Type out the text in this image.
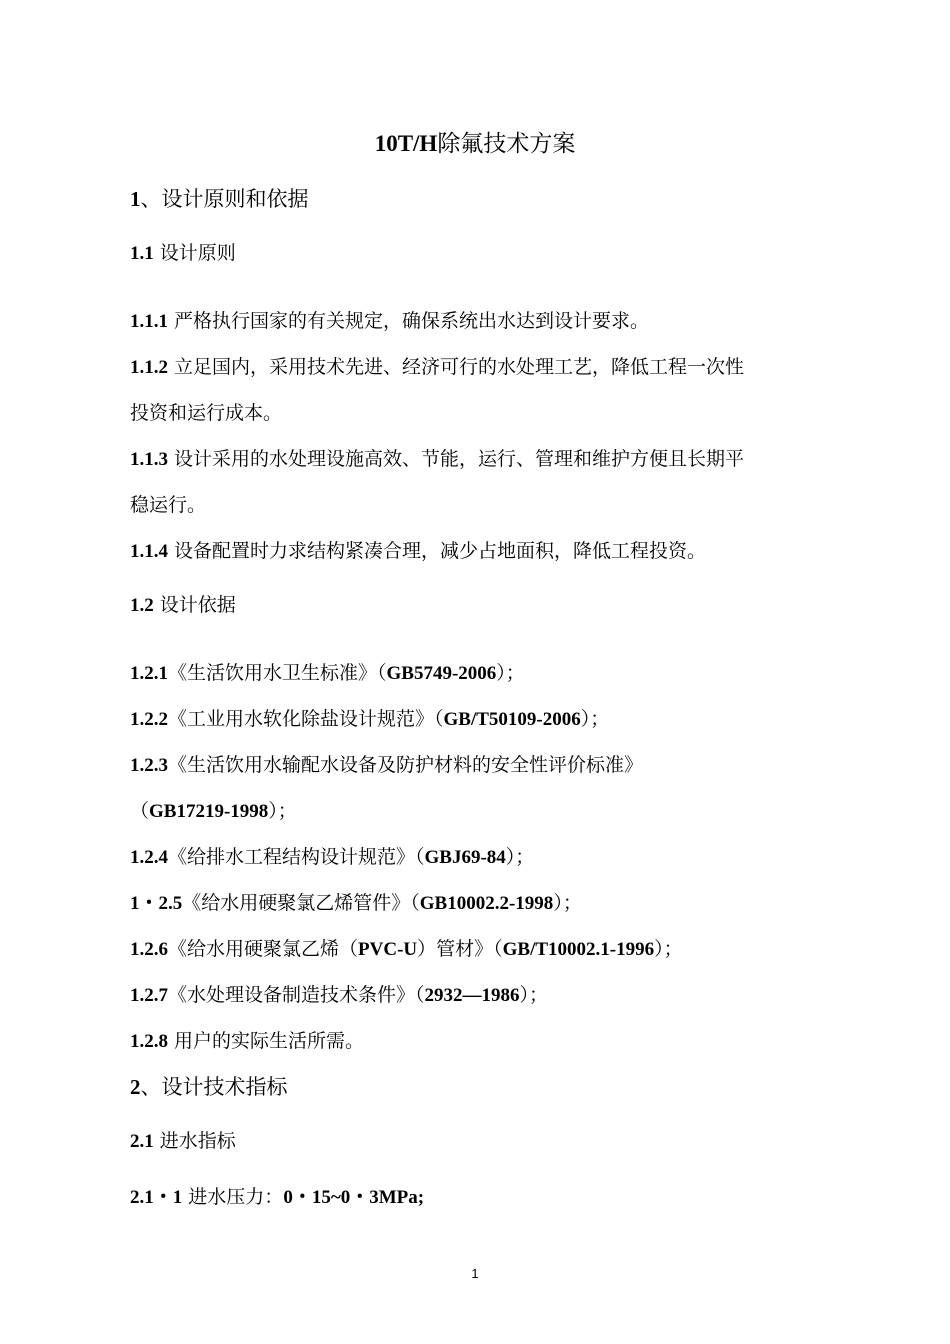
10T/H除氟技术方案
1、设计原则和依据
1.1 设计原则
1.1.1 严格执行国家的有关规定，确保系统出水达到设计要求。
1.1.2 立足国内，采用技术先进、经济可行的水处理工艺，降低工程一次性
投资和运行成本。
1.1.3 设计采用的水处理设施高效、节能，运行、管理和维护方便且长期平
稳运行。
1.1.4 设备配置时力求结构紧凑合理，减少占地面积，降低工程投资。
1.2 设计依据
1.2.1《生活饮用水卫生标准》（GB5749-2006）；
1.2.2《工业用水软化除盐设计规范》（GB/T50109-2006）；
1.2.3《生活饮用水输配水设备及防护材料的安全性评价标准》
（GB17219-1998）；
1.2.4《给排水工程结构设计规范》（GBJ69-84）；
1・2.5《给水用硬聚氯乙烯管件》（GB10002.2-1998）；
1.2.6《给水用硬聚氯乙烯（PVC-U）管材》（GB/T10002.1-1996）；
1.2.7《水处理设备制造技术条件》（2932—1986）；
1.2.8 用户的实际生活所需。
2、设计技术指标
2.1 进水指标
2.1・1 进水压力：0・15~0・3MPa;
1
